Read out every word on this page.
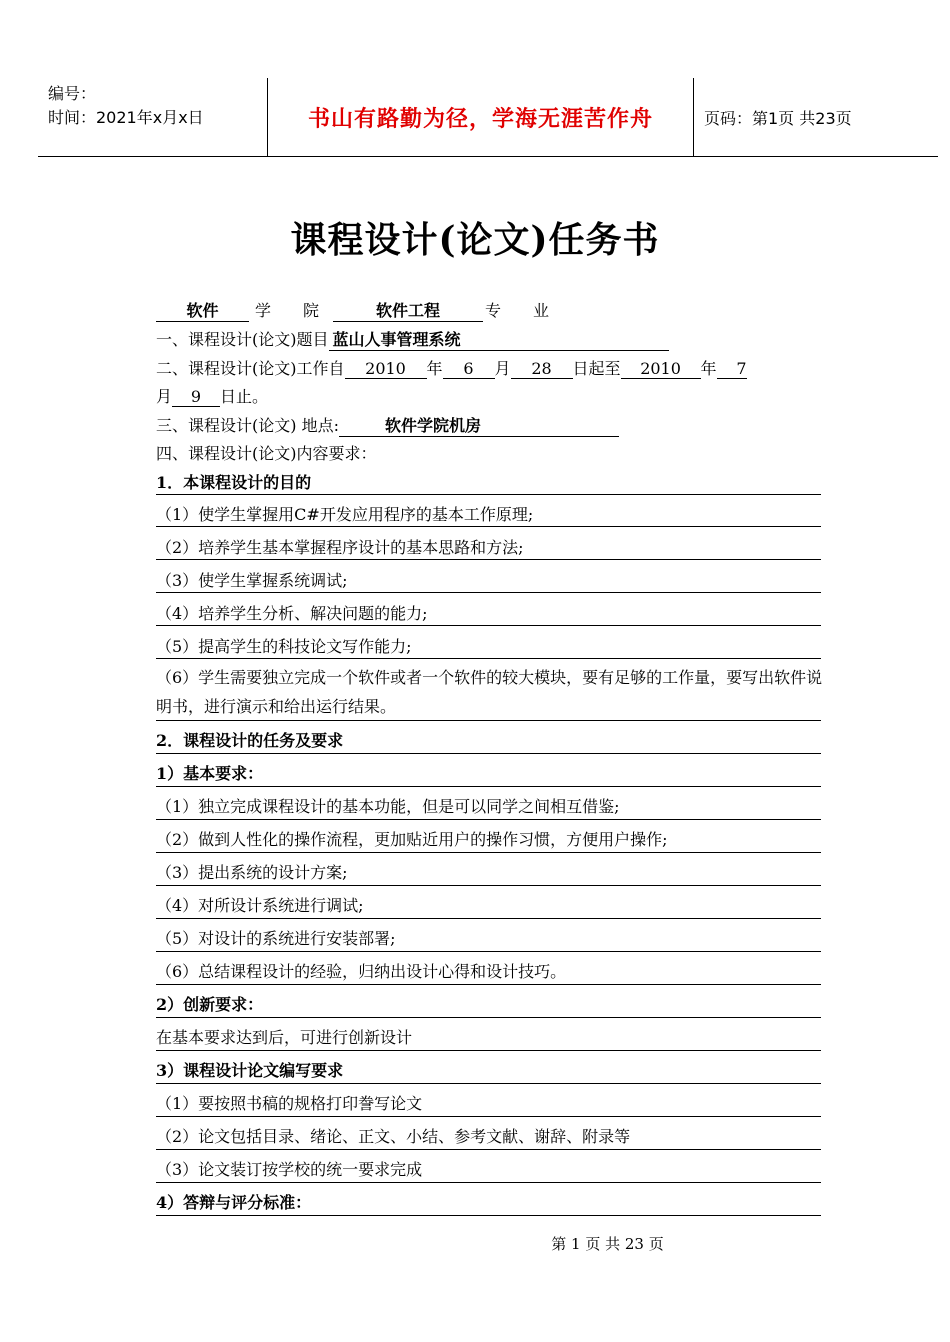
编号：
时间：2021年x月x日	书山有路勤为径，学海无涯苦作舟	页码：第1页 共23页
课程设计(论文)任务书
软件 学　　院	软件工程	专　　业
一、课程设计(论文)题目 蓝山人事管理系统
二、课程设计(论文)工作自 2010 年 6 月 28 日起至 2010 年 7
月 9 日止。
三、课程设计(论文) 地点:	软件学院机房
四、课程设计(论文)内容要求：
1．本课程设计的目的
（1）使学生掌握用C#开发应用程序的基本工作原理;
（2）培养学生基本掌握程序设计的基本思路和方法;
（3）使学生掌握系统调试;
（4）培养学生分析、解决问题的能力;
（5）提高学生的科技论文写作能力;
（6）学生需要独立完成一个软件或者一个软件的较大模块，要有足够的工作量，要写出软件说明书，进行演示和给出运行结果。
2．课程设计的任务及要求
1）基本要求：
（1）独立完成课程设计的基本功能，但是可以同学之间相互借鉴;
（2）做到人性化的操作流程，更加贴近用户的操作习惯，方便用户操作;
（3）提出系统的设计方案;
（4）对所设计系统进行调试;
（5）对设计的系统进行安装部署;
（6）总结课程设计的经验，归纳出设计心得和设计技巧。
2）创新要求：
在基本要求达到后，可进行创新设计
3）课程设计论文编写要求
（1）要按照书稿的规格打印誊写论文
（2）论文包括目录、绪论、正文、小结、参考文献、谢辞、附录等
（3）论文装订按学校的统一要求完成
4）答辩与评分标准：
第 1 页 共 23 页
